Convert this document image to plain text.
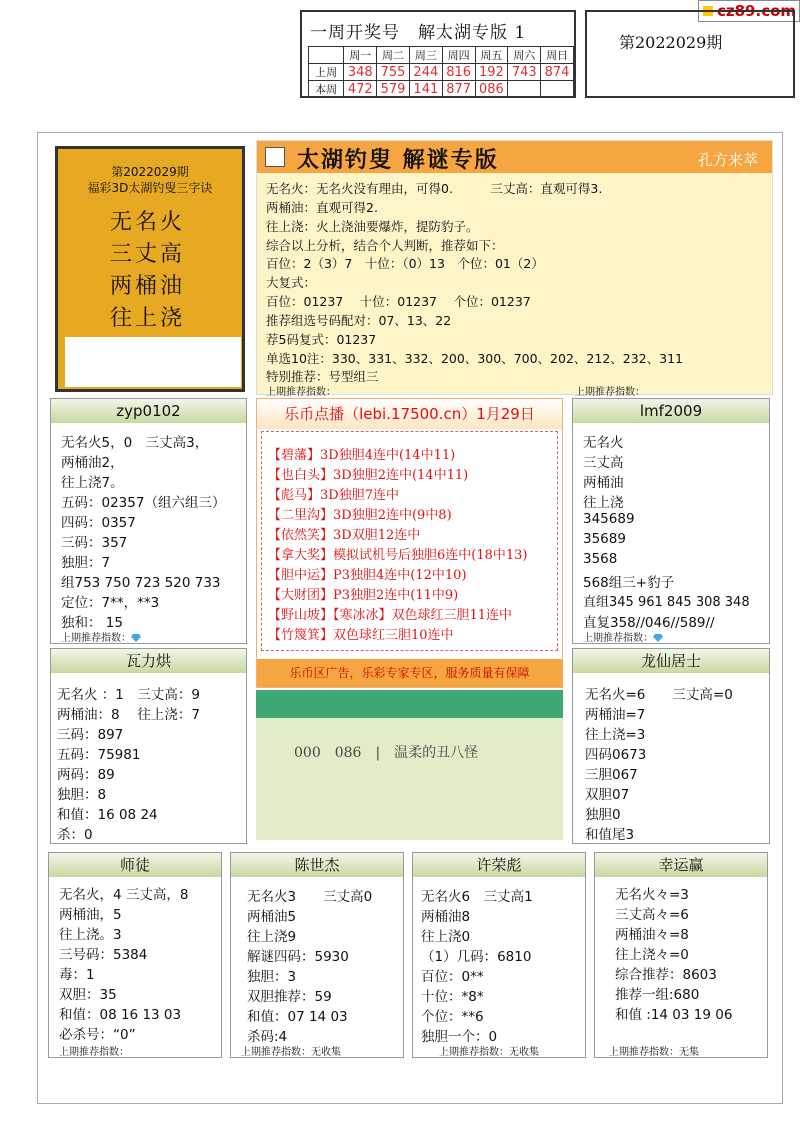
cz89.com
一周开奖号　解太湖专版 1
	周一	周二	周三	周四	周五	周六	周日
上周	348	755	244	816	192	743	874
本周	472	579	141	877	086		
第2022029期
第2022029期
福彩3D太湖钓叟三字诀
无名火
三丈高
两桶油
往上浇
太湖钓叟 解谜专版	孔方来萃
无名火：无名火没有理由，可得0.　　　三丈高：直观可得3.
两桶油：直观可得2.
往上浇：火上浇油要爆炸，提防豹子。
综合以上分析，结合个人判断，推荐如下：
百位：2（3）7　十位：（0）13　个位：01（2）
大复式：
百位：01237　 十位：01237　 个位：01237
推荐组选号码配对：07、13、22
荐5码复式：01237
单选10注：330、331、332、200、300、700、202、212、232、311
特别推荐：号型组三
上期推荐指数：	上期推荐指数：
zyp0102
无名火5，0　三丈高3，
两桶油2，
往上浇7。
五码：02357（组六组三）
四码：0357
三码：357
独胆：7
组753 750 723 520 733
定位：7**，**3
独和： 15
上期推荐指数：
乐币点播（lebi.17500.cn）1月29日
【碧藩】3D独胆4连中(14中11)
【也白头】3D独胆2连中(14中11)
【彪马】3D独胆7连中
【二里沟】3D独胆2连中(9中8)
【依然笑】3D双胆12连中
【拿大奖】模拟试机号后独胆6连中(18中13)
【胆中运】P3独胆4连中(12中10)
【大财团】P3独胆2连中(11中9)
【野山坡】【寒冰冰】双色球红三胆11连中
【竹篾箕】双色球红三胆10连中
乐币区广告，乐彩专家专区，服务质量有保障
000　086　|　温柔的丑八怪
lmf2009
无名火
三丈高
两桶油
往上浇
345689
35689
3568
568组三+豹子
直组345 961 845 308 348
直复358//046//589//
上期推荐指数：
瓦力烘
无名火 ：1　三丈高：9
两桶油：8　 往上浇：7
三码：897
五码：75981
两码：89
独胆：8
和值：16 08 24
杀：0
龙仙居士
无名火=6　　三丈高=0
两桶油=7
往上浇=3
四码0673
三胆067
双胆07
独胆0
和值尾3
师徒
无名火，4 三丈高，8
两桶油，5
往上浇。3
三号码：5384
毒：1
双胆：35
和值：08 16 13 03
必杀号：“0”
上期推荐指数：
陈世杰
无名火3　　三丈高0
两桶油5
往上浇9
解谜四码：5930
独胆：3
双胆推荐：59
和值：07 14 03
杀码:4
上期推荐指数：无收集
许荣彪
无名火6　三丈高1
两桶油8
往上浇0
（1）几码：6810
百位：0**
十位：*8*
个位：**6
独胆一个：0
上期推荐指数：无收集
幸运赢
无名火々=3
三丈高々=6
两桶油々=8
往上浇々=0
综合推荐：8603
推荐一组:680
和值 :14 03 19 06
上期推荐指数：无集
